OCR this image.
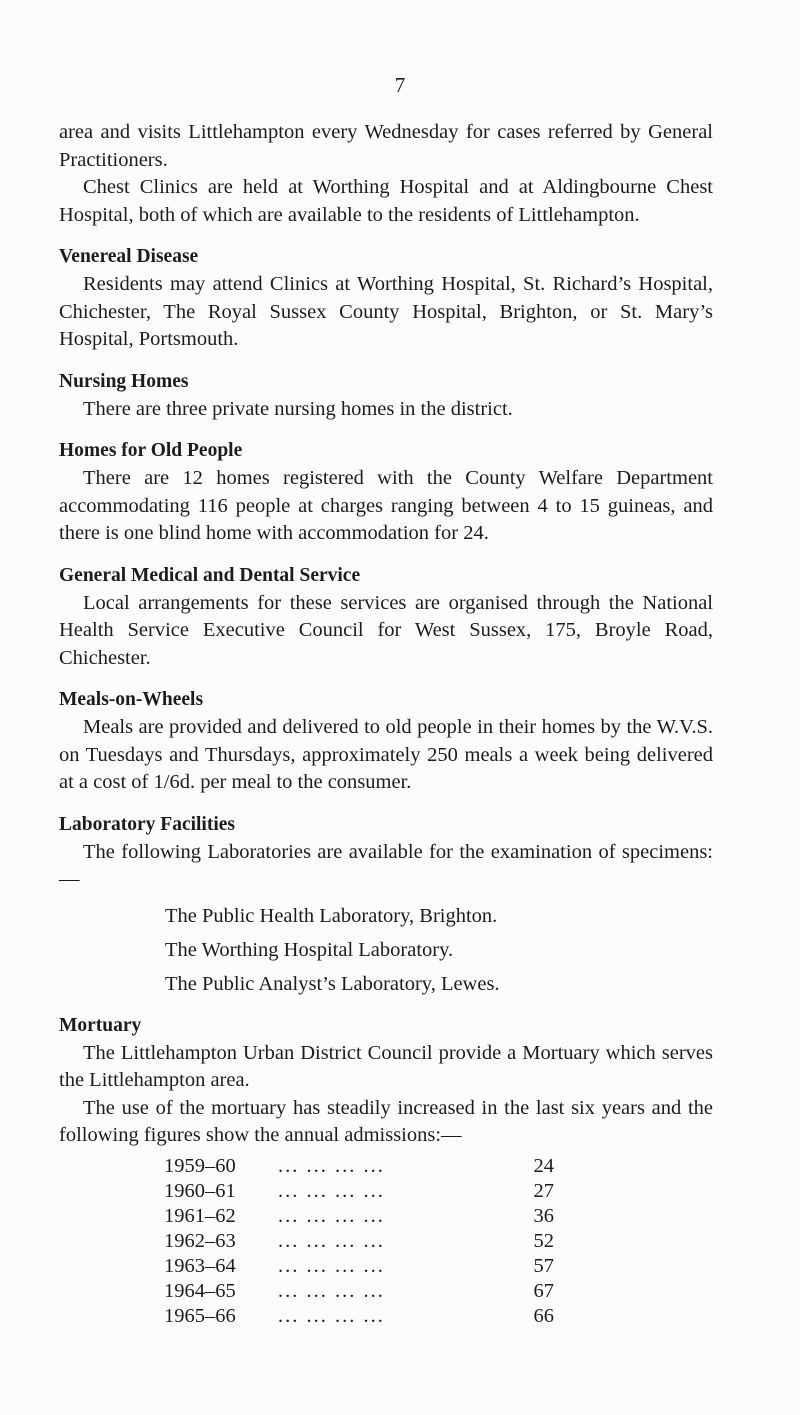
7

area and visits Littlehampton every Wednesday for cases referred by General Practitioners.

Chest Clinics are held at Worthing Hospital and at Aldingbourne Chest Hospital, both of which are available to the residents of Littlehampton.

Venereal Disease

Residents may attend Clinics at Worthing Hospital, St. Richard’s Hospital, Chichester, The Royal Sussex County Hospital, Brighton, or St. Mary’s Hospital, Portsmouth.

Nursing Homes

There are three private nursing homes in the district.

Homes for Old People

There are 12 homes registered with the County Welfare Department accommodating 116 people at charges ranging between 4 to 15 guineas, and there is one blind home with accommodation for 24.

General Medical and Dental Service

Local arrangements for these services are organised through the National Health Service Executive Council for West Sussex, 175, Broyle Road, Chichester.

Meals-on-Wheels

Meals are provided and delivered to old people in their homes by the W.V.S. on Tuesdays and Thursdays, approximately 250 meals a week being delivered at a cost of 1/6d. per meal to the consumer.

Laboratory Facilities

The following Laboratories are available for the examination of specimens:—

The Public Health Laboratory, Brighton.
The Worthing Hospital Laboratory.
The Public Analyst’s Laboratory, Lewes.
Mortuary

The Littlehampton Urban District Council provide a Mortuary which serves the Littlehampton area.

The use of the mortuary has steadily increased in the last six years and the following figures show the annual admissions:—

1959–60	... ... ... ...	24
1960–61	... ... ... ...	27
1961–62	... ... ... ...	36
1962–63	... ... ... ...	52
1963–64	... ... ... ...	57
1964–65	... ... ... ...	67
1965–66	... ... ... ...	66
